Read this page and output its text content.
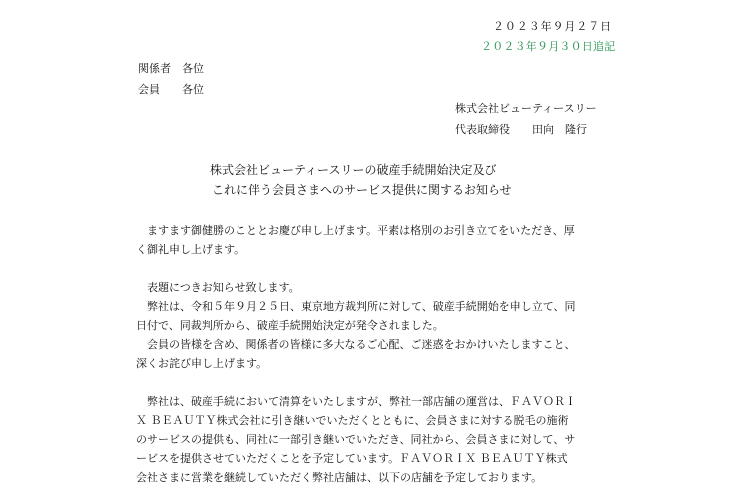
２０２３年９月２７日
２０２３年９月３０日追記
関係者　各位
会員　　各位
株式会社ビューティースリー
代表取締役　　田向　隆行
株式会社ビューティースリーの破産手続開始決定及び
これに伴う会員さまへのサービス提供に関するお知らせ

ますます御健勝のこととお慶び申し上げます。平素は格別のお引き立てをいただき、厚
く御礼申し上げます。

表題につきお知らせ致します。

弊社は、令和５年９月２５日、東京地方裁判所に対して、破産手続開始を申し立て、同
日付で、同裁判所から、破産手続開始決定が発令されました。

会員の皆様を含め、関係者の皆様に多大なるご心配、ご迷惑をおかけいたしますこと、
深くお詫び申し上げます。

弊社は、破産手続において清算をいたしますが、弊社一部店舗の運営は、ＦＡＶＯＲＩ
Ｘ ＢＥＡＵＴＹ株式会社に引き継いでいただくとともに、会員さまに対する脱毛の施術
のサービスの提供も、同社に一部引き継いでいただき、同社から、会員さまに対して、サ
ービスを提供させていただくことを予定しています。ＦＡＶＯＲＩＸ ＢＥＡＵＴＹ株式
会社さまに営業を継続していただく弊社店舗は、以下の店舗を予定しております。
